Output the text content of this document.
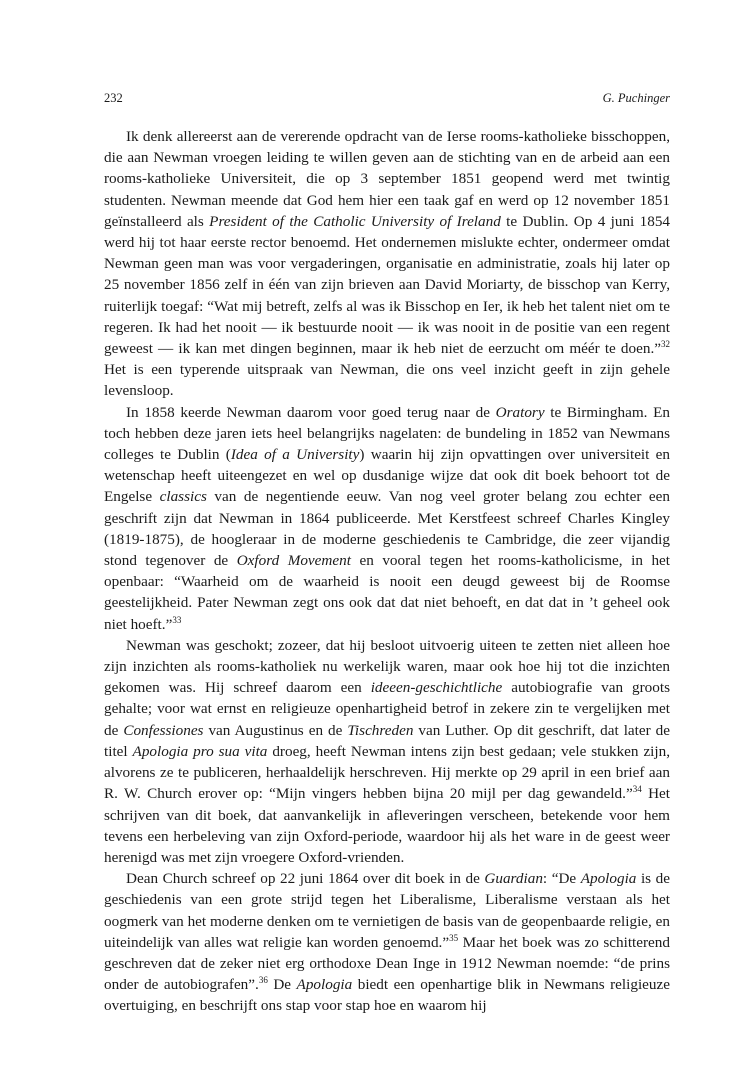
232	G. Puchinger

Ik denk allereerst aan de vererende opdracht van de Ierse rooms-katholieke bisschoppen, die aan Newman vroegen leiding te willen geven aan de stichting van en de arbeid aan een rooms-katholieke Universiteit, die op 3 september 1851 geopend werd met twintig studenten. Newman meende dat God hem hier een taak gaf en werd op 12 november 1851 geïnstalleerd als President of the Catholic University of Ireland te Dublin. Op 4 juni 1854 werd hij tot haar eerste rector benoemd. Het ondernemen mislukte echter, ondermeer omdat Newman geen man was voor vergaderingen, organisatie en administratie, zoals hij later op 25 november 1856 zelf in één van zijn brieven aan David Moriarty, de bisschop van Kerry, ruiterlijk toegaf: “Wat mij betreft, zelfs al was ik Bisschop en Ier, ik heb het talent niet om te regeren. Ik had het nooit — ik bestuurde nooit — ik was nooit in de positie van een regent geweest — ik kan met dingen beginnen, maar ik heb niet de eerzucht om méér te doen.”$^{32}$ Het is een typerende uitspraak van Newman, die ons veel inzicht geeft in zijn gehele levensloop.

In 1858 keerde Newman daarom voor goed terug naar de Oratory te Birmingham. En toch hebben deze jaren iets heel belangrijks nagelaten: de bundeling in 1852 van Newmans colleges te Dublin (Idea of a University) waarin hij zijn opvattingen over universiteit en wetenschap heeft uiteengezet en wel op dusdanige wijze dat ook dit boek behoort tot de Engelse classics van de negentiende eeuw. Van nog veel groter belang zou echter een geschrift zijn dat Newman in 1864 publiceerde. Met Kerstfeest schreef Charles Kingley (1819-1875), de hoogleraar in de moderne geschiedenis te Cambridge, die zeer vijandig stond tegenover de Oxford Movement en vooral tegen het rooms-katholicisme, in het openbaar: “Waarheid om de waarheid is nooit een deugd geweest bij de Roomse geestelijkheid. Pater Newman zegt ons ook dat dat niet behoeft, en dat dat in ’t geheel ook niet hoeft.”$^{33}$

Newman was geschokt; zozeer, dat hij besloot uitvoerig uiteen te zetten niet alleen hoe zijn inzichten als rooms-katholiek nu werkelijk waren, maar ook hoe hij tot die inzichten gekomen was. Hij schreef daarom een ideeen-geschichtliche autobiografie van groots gehalte; voor wat ernst en religieuze openhartigheid betrof in zekere zin te vergelijken met de Confessiones van Augustinus en de Tischreden van Luther. Op dit geschrift, dat later de titel Apologia pro sua vita droeg, heeft Newman intens zijn best gedaan; vele stukken zijn, alvorens ze te publiceren, herhaaldelijk herschreven. Hij merkte op 29 april in een brief aan R. W. Church erover op: “Mijn vingers hebben bijna 20 mijl per dag gewandeld.”$^{34}$ Het schrijven van dit boek, dat aanvankelijk in afleveringen verscheen, betekende voor hem tevens een herbeleving van zijn Oxford-periode, waardoor hij als het ware in de geest weer herenigd was met zijn vroegere Oxford-vrienden.

Dean Church schreef op 22 juni 1864 over dit boek in de Guardian: “De Apologia is de geschiedenis van een grote strijd tegen het Liberalisme, Liberalisme verstaan als het oogmerk van het moderne denken om te vernietigen de basis van de geopenbaarde religie, en uiteindelijk van alles wat religie kan worden genoemd.”$^{35}$ Maar het boek was zo schitterend geschreven dat de zeker niet erg orthodoxe Dean Inge in 1912 Newman noemde: “de prins onder de autobiografen”.$^{36}$ De Apologia biedt een openhartige blik in Newmans religieuze overtuiging, en beschrijft ons stap voor stap hoe en waarom hij
